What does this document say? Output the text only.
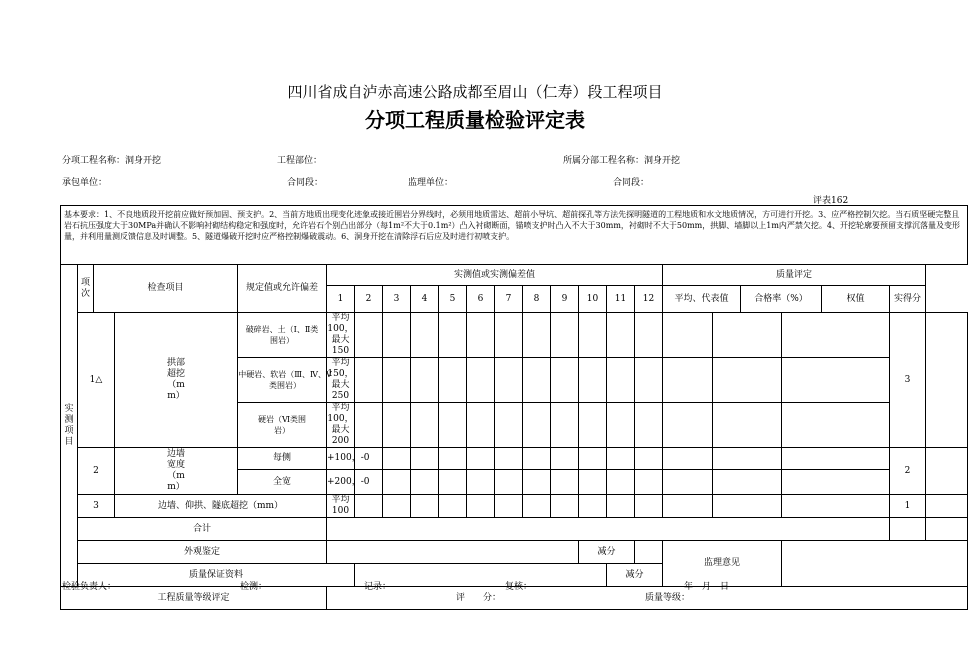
四川省成自泸赤高速公路成都至眉山（仁寿）段工程项目
分项工程质量检验评定表
分项工程名称：洞身开挖	工程部位：	所属分部工程名称：洞身开挖
承包单位：	合同段：	监理单位：	合同段：
评表162
基本要求：1、不良地质段开挖前应做好预加固、预支护。2、当前方地质出现变化迹象或接近围岩分界线时，必须用地质雷达、超前小导坑、超前探孔等方法先探明隧道的工程地质和水文地质情况，方可进行开挖。3、应严格控制欠挖。当石质坚硬完整且岩石抗压强度大于30MPa并确认不影响衬砌结构稳定和强度时，允许岩石个别凸出部分（每1m²不大于0.1m²）凸入衬砌断面，锚喷支护时凸入不大于30mm，衬砌时不大于50mm，拱脚、墙脚以上1m内严禁欠挖。4、开挖轮廓要预留支撑沉落量及变形量，并利用量测反馈信息及时调整。5、隧道爆破开挖时应严格控制爆破震动。6、洞身开挖在清除浮石后应及时进行初喷支护。																								

实测项目	项次	检查项目		规定值或允许偏差	实测值或实测偏差值												质量评定							
					1	2	3	4	5	6	7	8	9	10	11	12	平均、代表值		合格率（%）		权值	实得分		
	1△		拱部超挖（mm）	破碎岩、土（Ⅰ、Ⅱ类围岩）	平均100，最大150																	3		

				中硬岩、软岩（Ⅲ、Ⅳ、Ⅴ类围岩）	平均150，最大250																			

				硬岩（Ⅵ类围岩）	平均100，最大200																			
	2		边墙宽度（mm）	每侧	+100，-0																	2		
				全宽	+200，-0																			
	3		边墙、仰拱、隧底超挖（mm）		平均100																	1		
	合计																							
	外观鉴定													减分			监理意见							
	质量保证资料														减分									
工程质量等级评定					评　　分： 质量等级：																			
检验负责人：	检测：	记录：	复核：	年　月　日
